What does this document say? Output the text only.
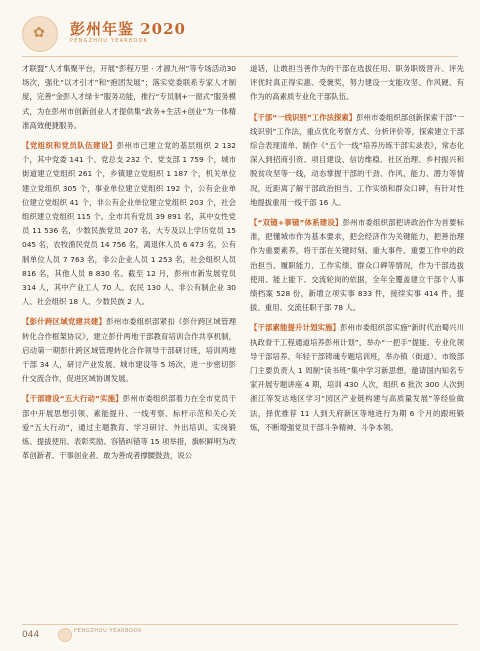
✿ 彭州年鉴 2020
PENGZHOU YEARBOOK

才联盟”人才集聚平台，开展“彭程万里 · 才源九州”等专场活动30场次，强化“以才引才”和“抱团发展”；落实党委联系专家人才制度，完善“金彭人才绿卡”服务功能，推行“专员制+一窗式”服务模式，为在彭州市创新创业人才提供集“政务+生活+创业”为一体精准高效便捷服务。

【党组织和党员队伍建设】彭州市已建立党的基层组织 2 132 个，其中党委 141 个、党总支 232 个、党支部 1 759 个，城市街道建立党组织 261 个，乡镇建立党组织 1 187 个，机关单位建立党组织 305 个，事业单位建立党组织 192 个，公有企业单位建立党组织 41 个，非公有企业单位建立党组织 203 个，社会组织建立党组织 115 个。全市共有党员 39 891 名，其中女性党员 11 536 名，少数民族党员 207 名，大专及以上学历党员 15 045 名，农牧渔民党员 14 756 名，离退休人员 6 473 名，公有制单位人员 7 763 名，非公企业人员 1 253 名，社会组织人员 816 名，其他人员 8 830 名。截至 12 月，彭州市新发展党员 314 人，其中产业工人 70 人、农民 130 人、非公有制企业 30 人、社会组织 18 人、少数民族 2 人。

【彭什跨区域党建共建】彭州市委组织部紧扣《彭什跨区域管理转化合作框架协议》，建立彭什两地干部教育培训合作共享机制，启动第一期彭什跨区域管理转化合作领导干部研讨班，培训两地干部 34 人，研讨产业发展、城市建设等 5 场次，进一步密切彭什交流合作，促进区域协调发展。

【干部建设“五大行动”实施】彭州市委组织部着力在全市党员干部中开展思想引领、素能提升、一线考察、标杆示范和关心关爱“五大行动”，通过主题教育、学习研讨、外出培训、实岗锻炼、提拔使用、表彰奖励、容错纠错等 15 项举措，旗帜鲜明为改革创新者、干事创业者、敢为善成者撑腰鼓劲，说公

道话，让敢担当善作为的干部在选拔任用、职务职级晋升、评先评优时真正得实惠、受褒奖，努力建设一支能攻坚、作风硬、有作为的高素质专业化干部队伍。

【干部“一线识别”工作法探索】彭州市委组织部创新探索干部“一线识别”工作法，重点优化考察方式、分析评价等，探索建立干部综合表现清单、制作《“五个一线”培养历练干部实录表》，常态化深入到招商引资、项目建设、信访维稳、社区治理、乡村振兴和脱贫攻坚等一线，动态掌握干部的干劲、作风、能力、潜力等情况，近距离了解干部政治担当、工作实绩和群众口碑，有针对性地提拔重用一线干部 16 人。

【“双镜+事镜”体系建设】彭州市委组织部把讲政治作为首要标准，把懂城市作为基本要求，把会经济作为关键能力，把善治理作为重要素养，将干部在关键时刻、重大事件、重要工作中的政治担当、履职能力、工作实绩、群众口碑等情况，作为干部选拔使用、能上能下、交流轮岗的依据，全年全覆盖建立干部个人事绩档案 528 份，新增立项实事 833 件，接续实事 414 件，提拔、重用、交流任职干部 78 人。

【干部素能提升计划实施】彭州市委组织部实施“新时代治蜀兴川执政骨干工程通道培养彭州计划”，举办“一把手”提能、专业化领导干部培养、年轻干部铸魂专题培训班，举办镇（街道）、市级部门主要负责人 1 周制“读书班”集中学习新思想，邀请国内知名专家开展专题讲座 4 期，培训 430 人次，组织 6 批次 300 人次到浙江等发达地区学习“园区产业链构建与高质量发展”等经验做法，择优推荐 11 人到天府新区等地进行为期 6 个月的跟班锻炼，不断增强党员干部斗争精神、斗争本领。

044	PENGZHOU YEARBOOK
